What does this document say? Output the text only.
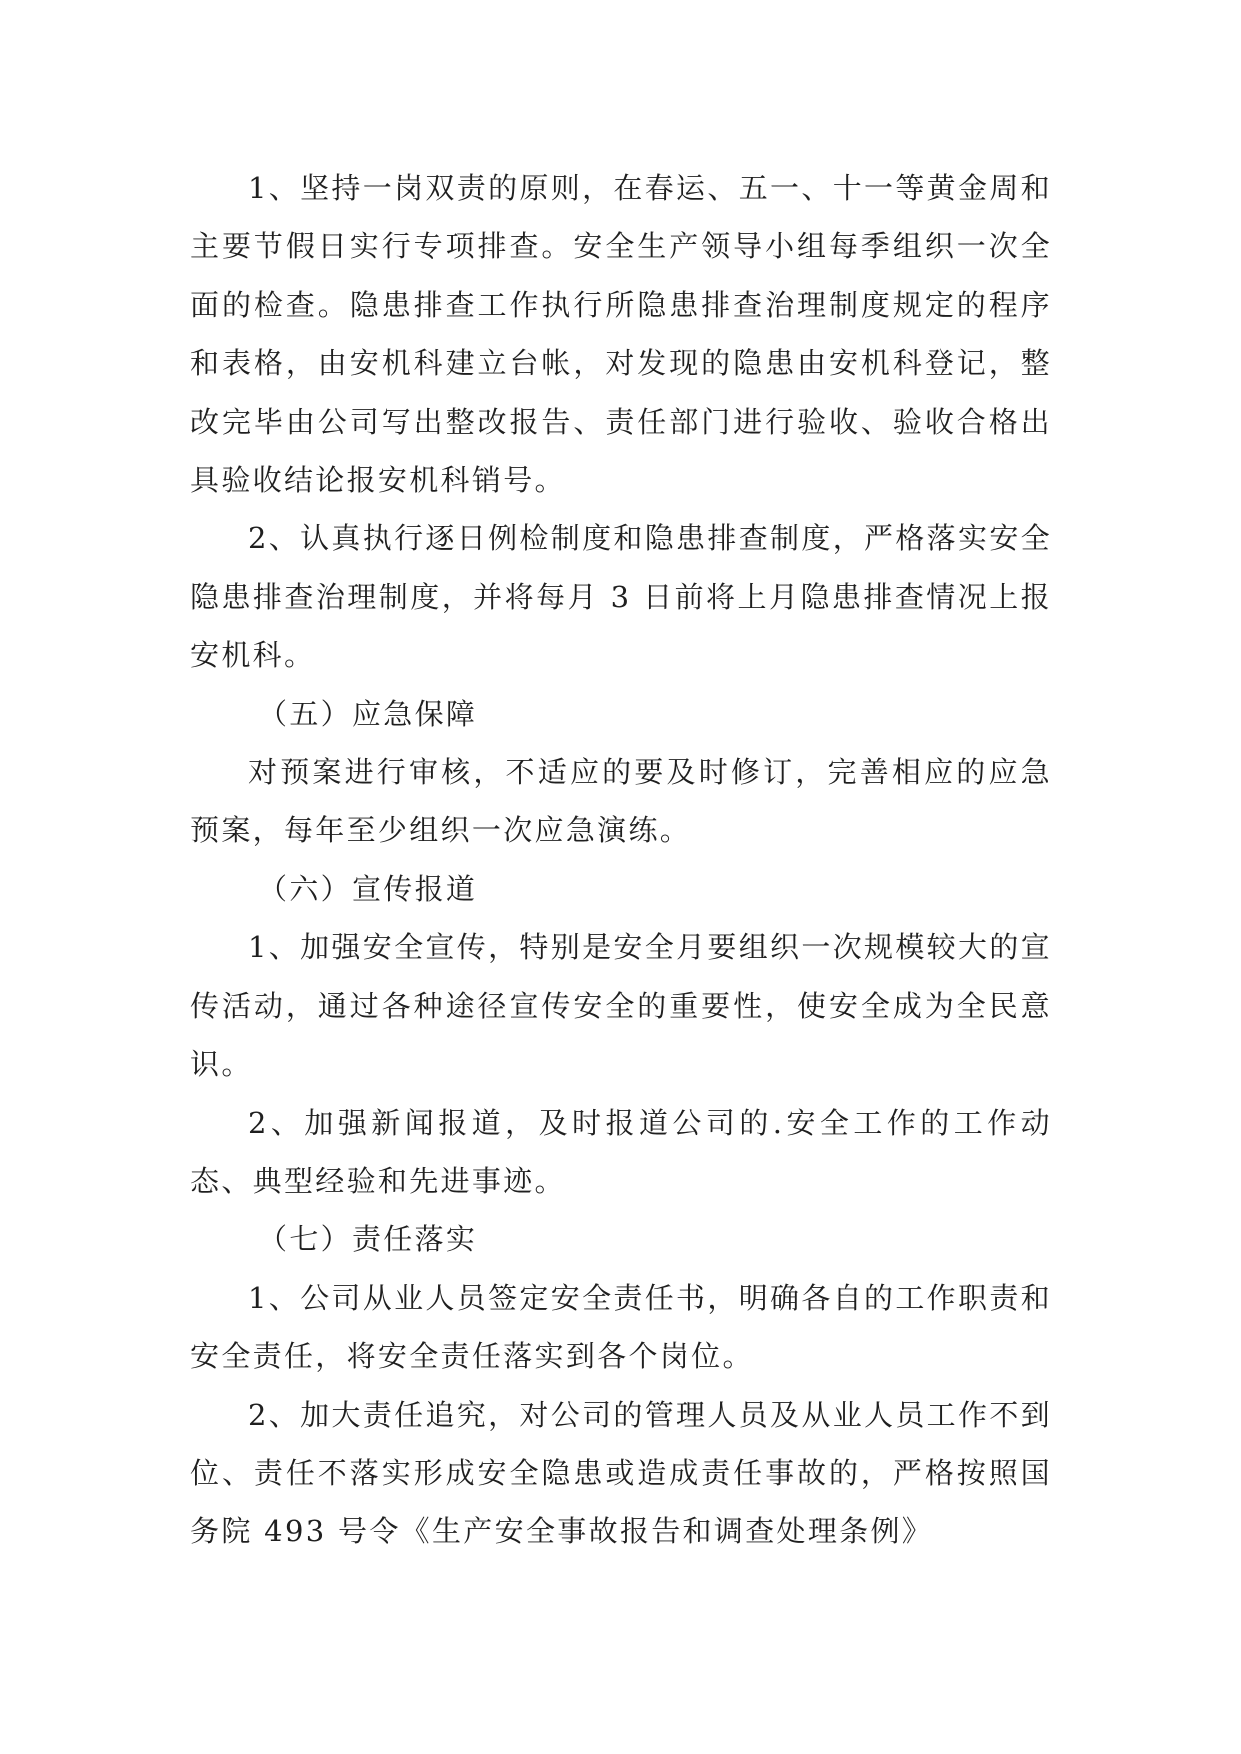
1、坚持一岗双责的原则，在春运、五一、十一等黄金周和主要节假日实行专项排查。安全生产领导小组每季组织一次全面的检查。隐患排查工作执行所隐患排查治理制度规定的程序和表格，由安机科建立台帐，对发现的隐患由安机科登记，整改完毕由公司写出整改报告、责任部门进行验收、验收合格出具验收结论报安机科销号。

2、认真执行逐日例检制度和隐患排查制度，严格落实安全隐患排查治理制度，并将每月 3 日前将上月隐患排查情况上报安机科。

（五）应急保障

对预案进行审核，不适应的要及时修订，完善相应的应急预案，每年至少组织一次应急演练。

（六）宣传报道

1、加强安全宣传，特别是安全月要组织一次规模较大的宣传活动，通过各种途径宣传安全的重要性，使安全成为全民意识。

2、加强新闻报道，及时报道公司的.安全工作的工作动态、典型经验和先进事迹。

（七）责任落实

1、公司从业人员签定安全责任书，明确各自的工作职责和安全责任，将安全责任落实到各个岗位。

2、加大责任追究，对公司的管理人员及从业人员工作不到位、责任不落实形成安全隐患或造成责任事故的，严格按照国务院 493 号令《生产安全事故报告和调查处理条例》
